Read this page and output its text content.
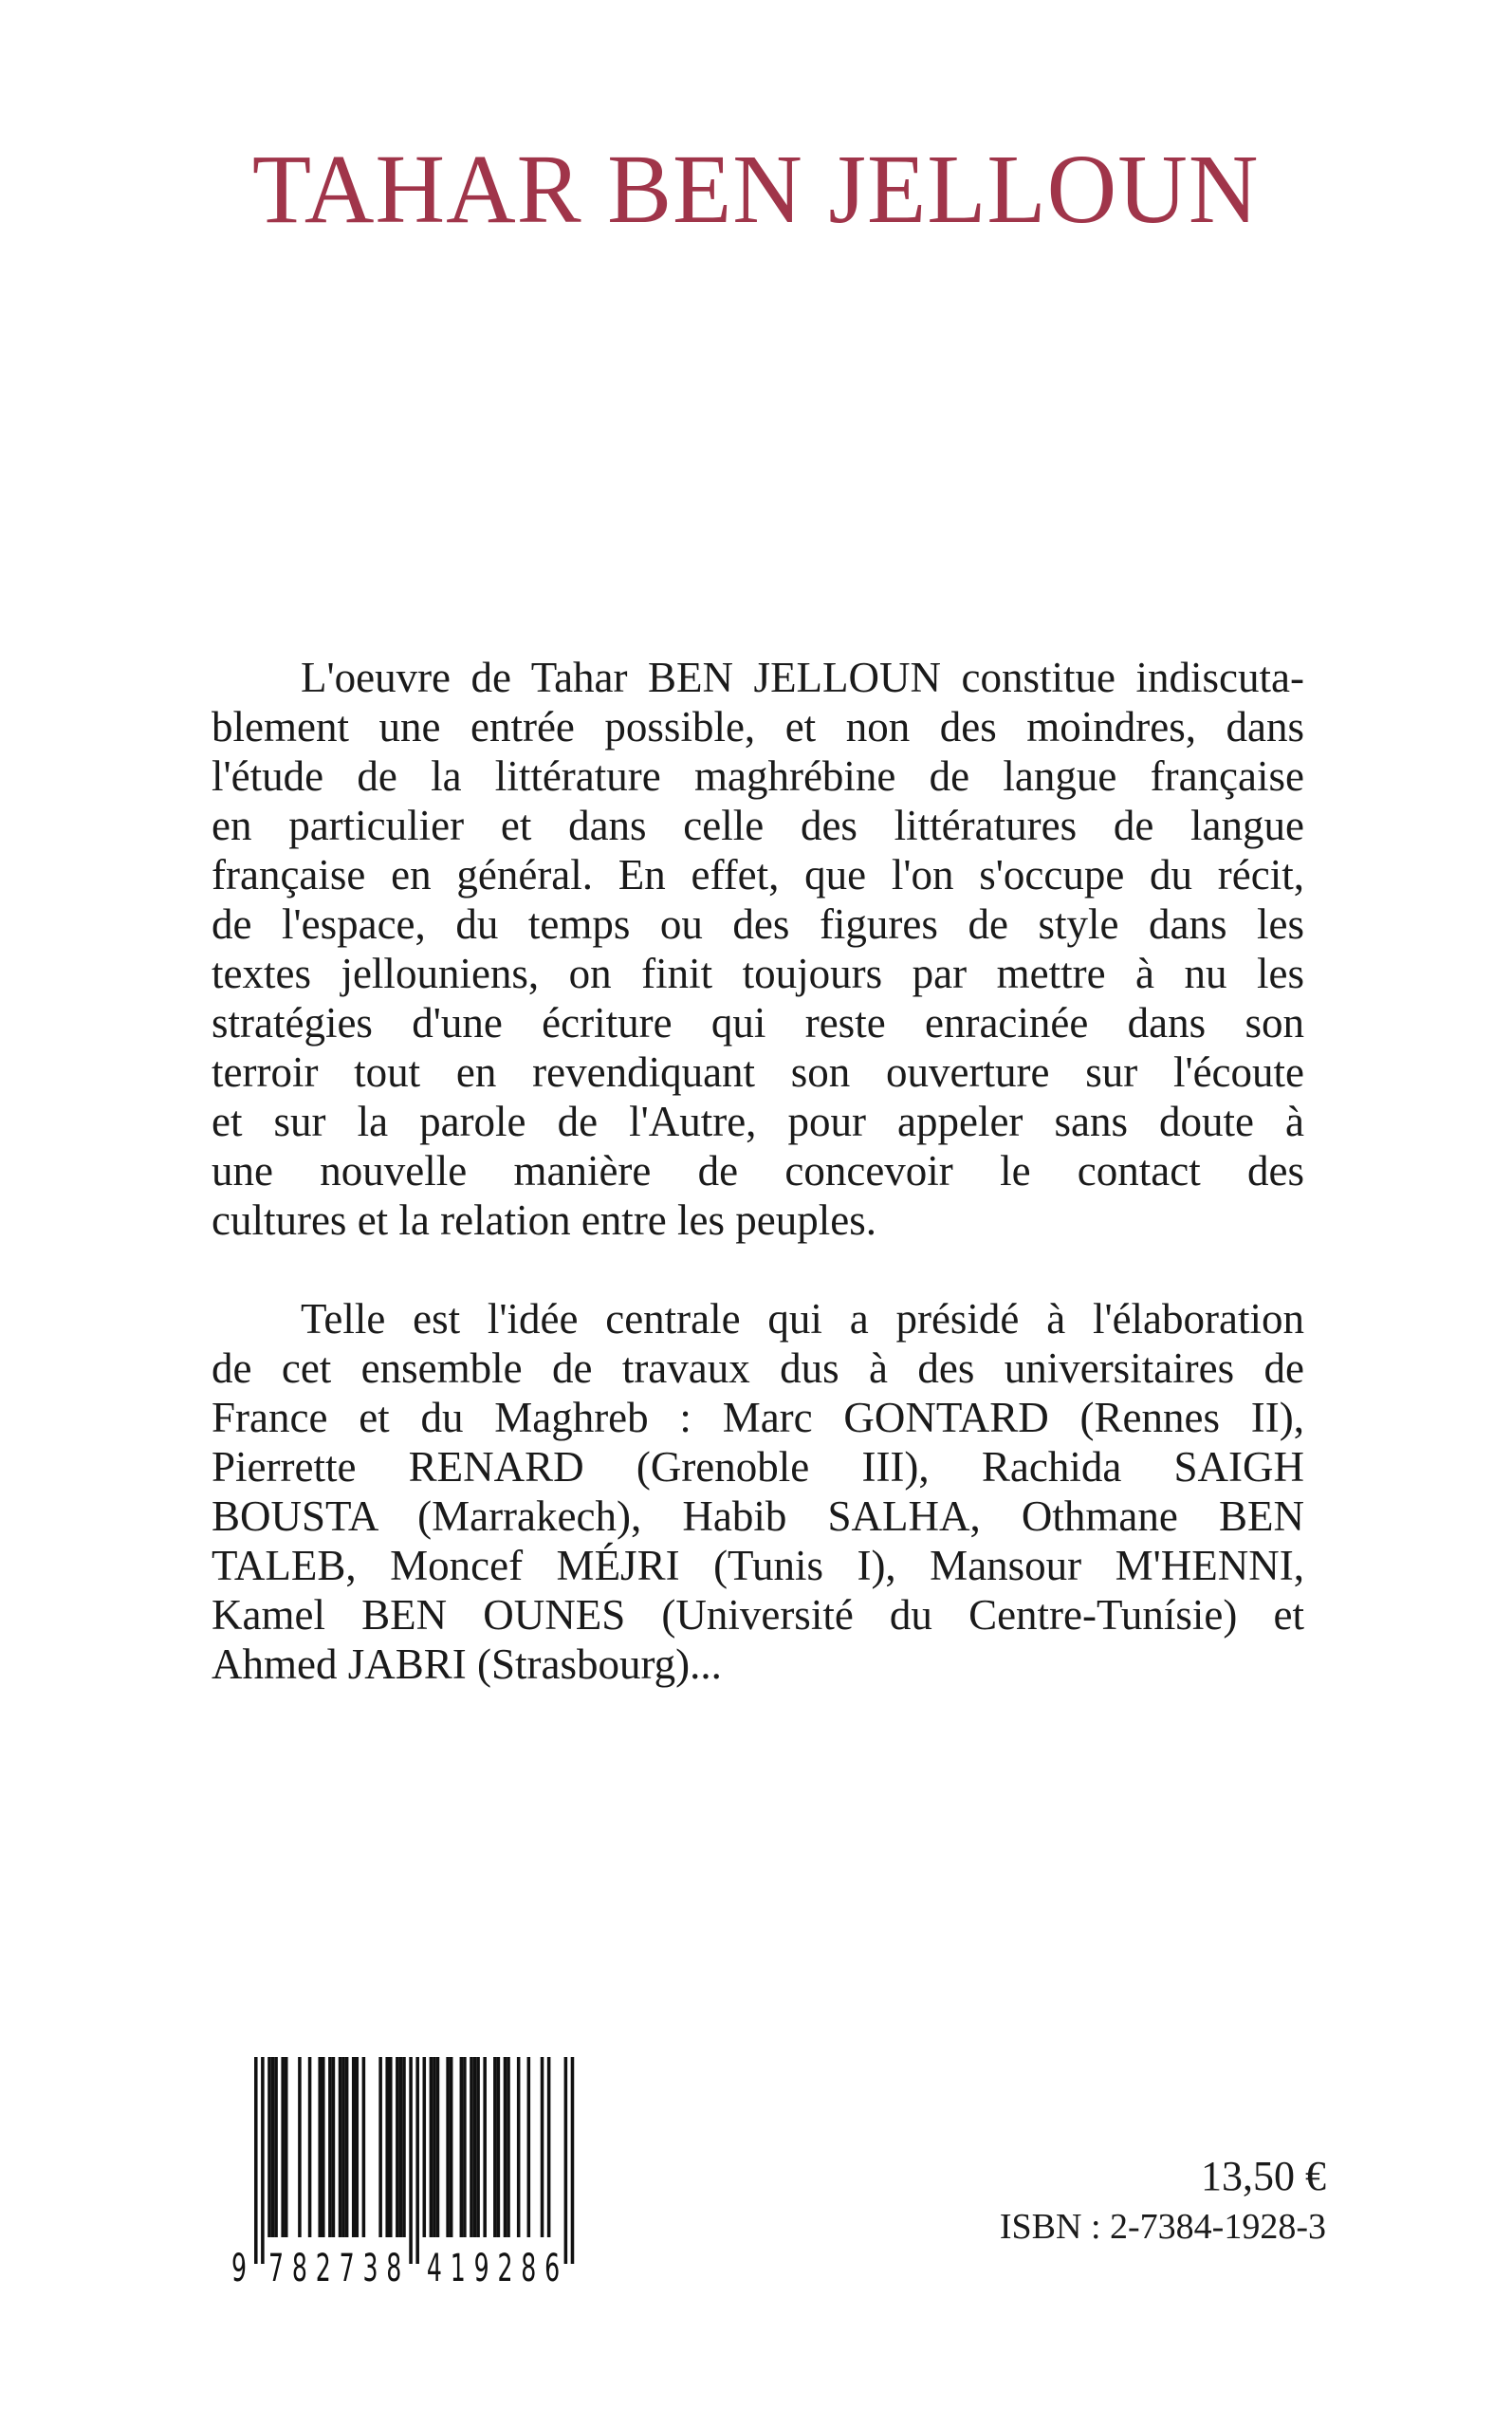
TAHAR BEN JELLOUN
L'oeuvre de Tahar BEN JELLOUN constitue indiscuta-
blement une entrée possible, et non des moindres, dans
l'étude de la littérature maghrébine de langue française
en particulier et dans celle des littératures de langue
française en général. En effet, que l'on s'occupe du récit,
de l'espace, du temps ou des figures de style dans les
textes jellouniens, on finit toujours par mettre à nu les
stratégies d'une écriture qui reste enracinée dans son
terroir tout en revendiquant son ouverture sur l'écoute
et sur la parole de l'Autre, pour appeler sans doute à
une nouvelle manière de concevoir le contact des
cultures et la relation entre les peuples.
Telle est l'idée centrale qui a présidé à l'élaboration
de cet ensemble de travaux dus à des universitaires de
France et du Maghreb : Marc GONTARD (Rennes II),
Pierrette RENARD (Grenoble III), Rachida SAIGH
BOUSTA (Marrakech), Habib SALHA, Othmane BEN
TALEB, Moncef MÉJRI (Tunis I), Mansour M'HENNI,
Kamel BEN OUNES (Université du Centre-Tunísie) et
Ahmed JABRI (Strasbourg)...
9 7 8 2 7 3 8 4 1 9 2 8 6
13,50 €
ISBN : 2-7384-1928-3
